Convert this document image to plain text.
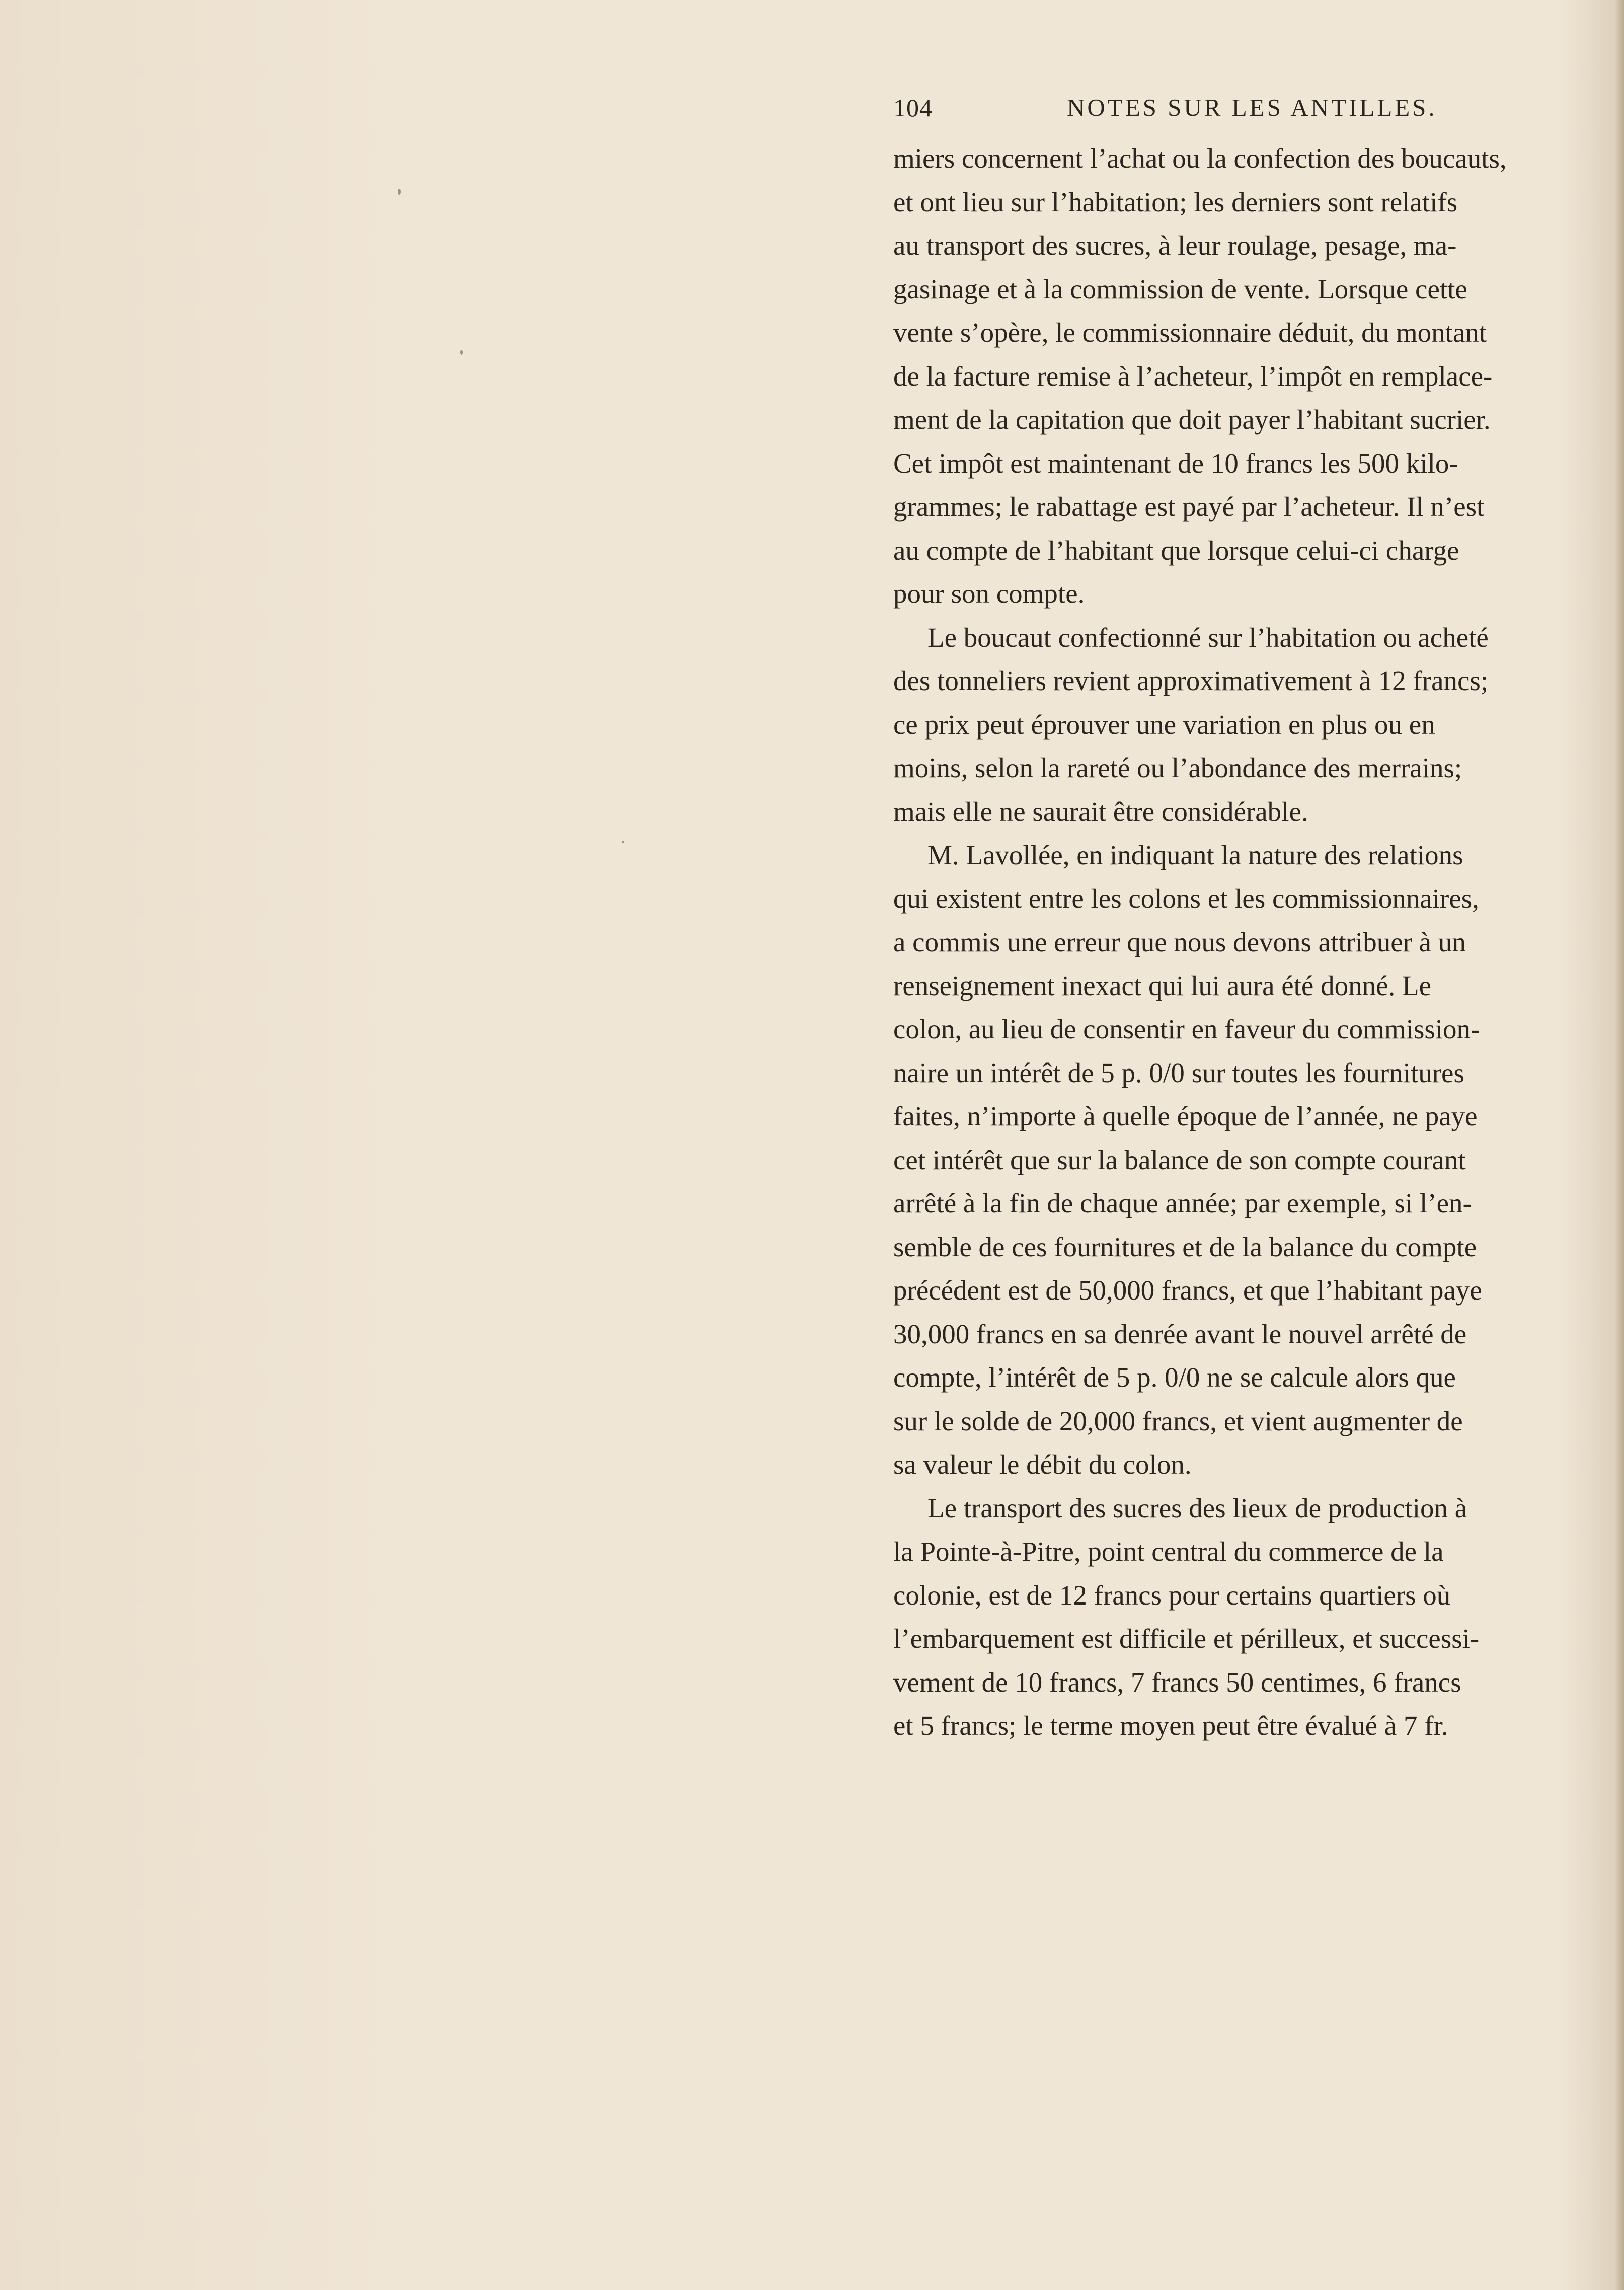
104	NOTES SUR LES ANTILLES.
miers concernent l’achat ou la confection des boucauts,
et ont lieu sur l’habitation; les derniers sont relatifs
au transport des sucres, à leur roulage, pesage, ma-
gasinage et à la commission de vente. Lorsque cette
vente s’opère, le commissionnaire déduit, du montant
de la facture remise à l’acheteur, l’impôt en remplace-
ment de la capitation que doit payer l’habitant sucrier.
Cet impôt est maintenant de 10 francs les 500 kilo-
grammes; le rabattage est payé par l’acheteur. Il n’est
au compte de l’habitant que lorsque celui-ci charge
pour son compte.
Le boucaut confectionné sur l’habitation ou acheté
des tonneliers revient approximativement à 12 francs;
ce prix peut éprouver une variation en plus ou en
moins, selon la rareté ou l’abondance des merrains;
mais elle ne saurait être considérable.
M. Lavollée, en indiquant la nature des relations
qui existent entre les colons et les commissionnaires,
a commis une erreur que nous devons attribuer à un
renseignement inexact qui lui aura été donné. Le
colon, au lieu de consentir en faveur du commission-
naire un intérêt de 5 p. 0/0 sur toutes les fournitures
faites, n’importe à quelle époque de l’année, ne paye
cet intérêt que sur la balance de son compte courant
arrêté à la fin de chaque année; par exemple, si l’en-
semble de ces fournitures et de la balance du compte
précédent est de 50,000 francs, et que l’habitant paye
30,000 francs en sa denrée avant le nouvel arrêté de
compte, l’intérêt de 5 p. 0/0 ne se calcule alors que
sur le solde de 20,000 francs, et vient augmenter de
sa valeur le débit du colon.
Le transport des sucres des lieux de production à
la Pointe-à-Pitre, point central du commerce de la
colonie, est de 12 francs pour certains quartiers où
l’embarquement est difficile et périlleux, et successi-
vement de 10 francs, 7 francs 50 centimes, 6 francs
et 5 francs; le terme moyen peut être évalué à 7 fr.
